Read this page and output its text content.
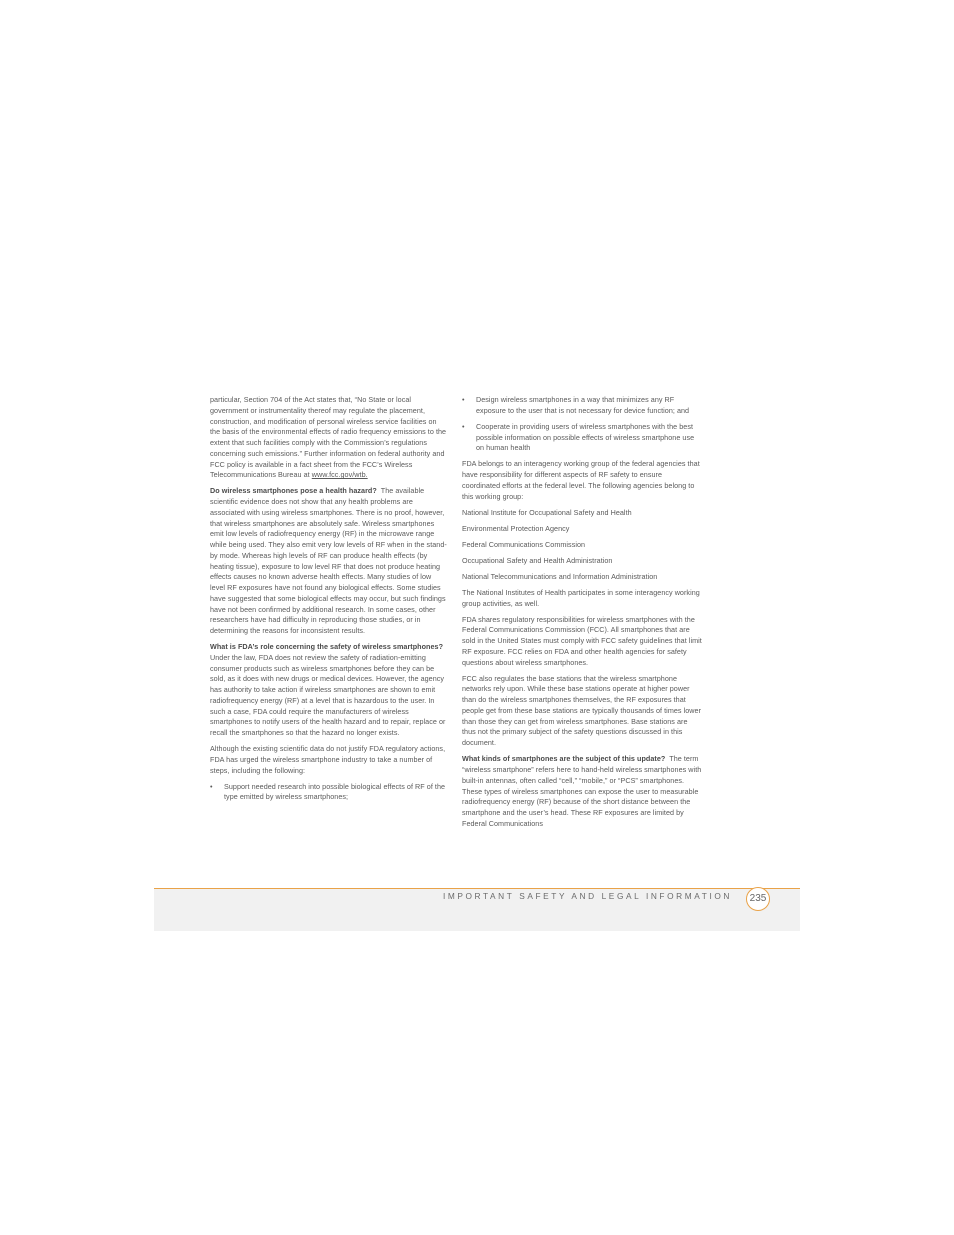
particular, Section 704 of the Act states that, “No State or local government or instrumentality thereof may regulate the placement, construction, and modification of personal wireless service facilities on the basis of the environmental effects of radio frequency emissions to the extent that such facilities comply with the Commission’s regulations concerning such emissions.” Further information on federal authority and FCC policy is available in a fact sheet from the FCC’s Wireless Telecommunications Bureau at www.fcc.gov/wtb.

Do wireless smartphones pose a health hazard? The available scientific evidence does not show that any health problems are associated with using wireless smartphones. There is no proof, however, that wireless smartphones are absolutely safe. Wireless smartphones emit low levels of radiofrequency energy (RF) in the microwave range while being used. They also emit very low levels of RF when in the stand-by mode. Whereas high levels of RF can produce health effects (by heating tissue), exposure to low level RF that does not produce heating effects causes no known adverse health effects. Many studies of low level RF exposures have not found any biological effects. Some studies have suggested that some biological effects may occur, but such findings have not been confirmed by additional research. In some cases, other researchers have had difficulty in reproducing those studies, or in determining the reasons for inconsistent results.

What is FDA’s role concerning the safety of wireless smartphones?  Under the law, FDA does not review the safety of radiation-emitting consumer products such as wireless smartphones before they can be sold, as it does with new drugs or medical devices. However, the agency has authority to take action if wireless smartphones are shown to emit radiofrequency energy (RF) at a level that is hazardous to the user. In such a case, FDA could require the manufacturers of wireless smartphones to notify users of the health hazard and to repair, replace or recall the smartphones so that the hazard no longer exists.

Although the existing scientific data do not justify FDA regulatory actions, FDA has urged the wireless smartphone industry to take a number of steps, including the following:

• Support needed research into possible biological effects of RF of the type emitted by wireless smartphones;
• Design wireless smartphones in a way that minimizes any RF exposure to the user that is not necessary for device function; and
• Cooperate in providing users of wireless smartphones with the best possible information on possible effects of wireless smartphone use on human health

FDA belongs to an interagency working group of the federal agencies that have responsibility for different aspects of RF safety to ensure coordinated efforts at the federal level. The following agencies belong to this working group:

National Institute for Occupational Safety and Health

Environmental Protection Agency

Federal Communications Commission

Occupational Safety and Health Administration

National Telecommunications and Information Administration

The National Institutes of Health participates in some interagency working group activities, as well.

FDA shares regulatory responsibilities for wireless smartphones with the Federal Communications Commission (FCC). All smartphones that are sold in the United States must comply with FCC safety guidelines that limit RF exposure. FCC relies on FDA and other health agencies for safety questions about wireless smartphones.

FCC also regulates the base stations that the wireless smartphone networks rely upon. While these base stations operate at higher power than do the wireless smartphones themselves, the RF exposures that people get from these base stations are typically thousands of times lower than those they can get from wireless smartphones. Base stations are thus not the primary subject of the safety questions discussed in this document.

What kinds of smartphones are the subject of this update? The term “wireless smartphone” refers here to hand-held wireless smartphones with built-in antennas, often called “cell,” “mobile,” or “PCS” smartphones. These types of wireless smartphones can expose the user to measurable radiofrequency energy (RF) because of the short distance between the smartphone and the user’s head. These RF exposures are limited by Federal Communications

IMPORTANT SAFETY AND LEGAL INFORMATION	235
